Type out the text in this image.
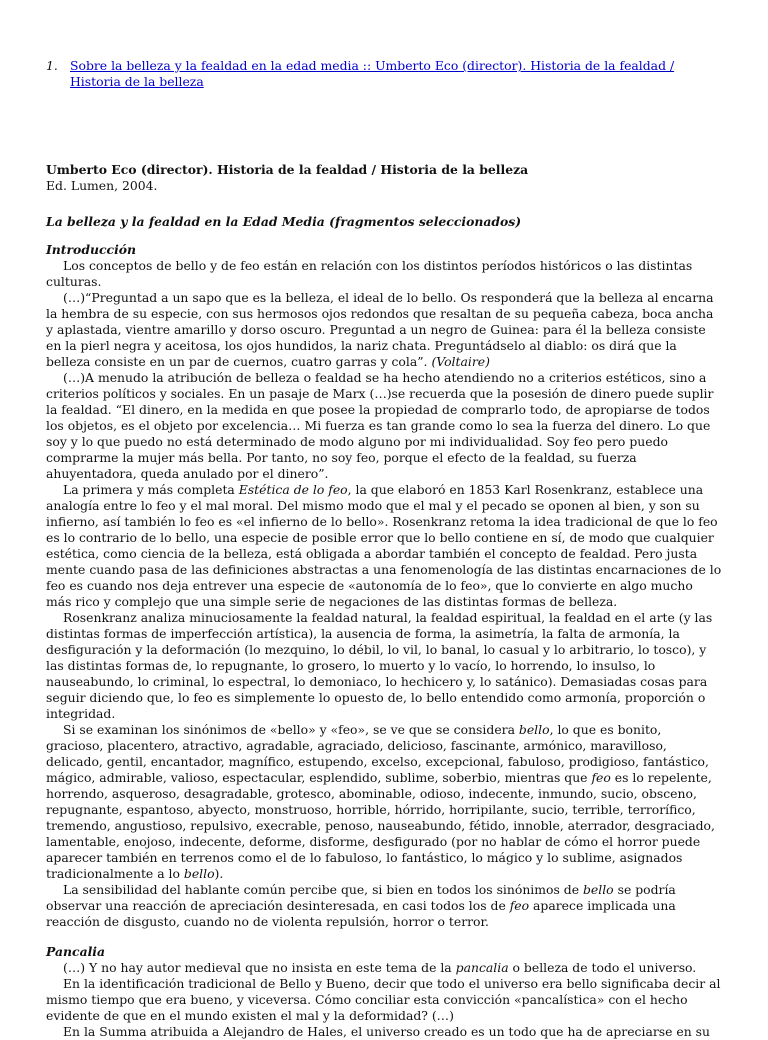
1. Sobre la belleza y la fealdad en la edad media :: Umberto Eco (director). Historia de la fealdad / Historia de la belleza
Umberto Eco (director). Historia de la fealdad / Historia de la belleza
Ed. Lumen, 2004.
La belleza y la fealdad en la Edad Media (fragmentos seleccionados)
Introducción

Los conceptos de bello y de feo están en relación con los distintos períodos históricos o las distintas culturas.

(…)“Preguntad a un sapo que es la belleza, el ideal de lo bello. Os responderá que la belleza al encarna la hembra de su especie, con sus hermosos ojos redondos que resaltan de su pequeña cabeza, boca ancha y aplastada, vientre amarillo y dorso oscuro. Preguntad a un negro de Guinea: para él la belleza consiste en la pierl negra y aceitosa, los ojos hundidos, la nariz chata. Preguntádselo al diablo: os dirá que la belleza consiste en un par de cuernos, cuatro garras y cola”. (Voltaire)

(…)A menudo la atribución de belleza o fealdad se ha hecho atendiendo no a criterios estéticos, sino a criterios políticos y sociales. En un pasaje de Marx (…)se recuerda que la posesión de dinero puede suplir la fealdad. “El dinero, en la medida en que posee la propiedad de comprarlo todo, de apropiarse de todos los objetos, es el objeto por excelencia… Mi fuerza es tan grande como lo sea la fuerza del dinero. Lo que soy y lo que puedo no está determinado de modo alguno por mi individualidad. Soy feo pero puedo comprarme la mujer más bella. Por tanto, no soy feo, porque el efecto de la fealdad, su fuerza ahuyentadora, queda anulado por el dinero”.

La primera y más completa Estética de lo feo, la que elaboró en 1853 Karl Rosenkranz, establece una analogía entre lo feo y el mal moral. Del mismo modo que el mal y el pecado se oponen al bien, y son su infierno, así también lo feo es «el infierno de lo bello». Rosenkranz retoma la idea tradicional de que lo feo es lo contrario de lo bello, una especie de posible error que lo bello contiene en sí, de modo que cualquier estética, como ciencia de la belleza, está obligada a abordar también el concepto de fealdad. Pero justa mente cuando pasa de las definiciones abstractas a una fenomenología de las distintas encarnaciones de lo feo es cuando nos deja entrever una especie de «autonomía de lo feo», que lo convierte en algo mucho más rico y complejo que una simple serie de negaciones de las distintas formas de belleza.

Rosenkranz analiza minuciosamente la fealdad natural, la fealdad espiritual, la fealdad en el arte (y las distintas formas de imperfección artística), la ausencia de forma, la asimetría, la falta de armonía, la desfiguración y la deformación (lo mezquino, lo débil, lo vil, lo banal, lo casual y lo arbitrario, lo tosco), y las distintas formas de, lo repugnante, lo grosero, lo muerto y lo vacío, lo horrendo, lo insulso, lo nauseabundo, lo criminal, lo espectral, lo demoniaco, lo hechicero y, lo satánico). Demasiadas cosas para seguir diciendo que, lo feo es simplemente lo opuesto de, lo bello entendido como armonía, proporción o integridad.

Si se examinan los sinónimos de «bello» y «feo», se ve que se considera bello, lo que es bonito, gracioso, placentero, atractivo, agradable, agraciado, delicioso, fascinante, armónico, maravilloso, delicado, gentil, encantador, magnífico, estupendo, excelso, excepcional, fabuloso, prodigioso, fantástico, mágico, admirable, valioso, espectacular, esplendido, sublime, soberbio, mientras que feo es lo repelente, horrendo, asqueroso, desagradable, grotesco, abominable, odioso, indecente, inmundo, sucio, obsceno, repugnante, espantoso, abyecto, monstruoso, horrible, hórrido, horripilante, sucio, terrible, terrorífico, tremendo, angustioso, repulsivo, execrable, penoso, nauseabundo, fétido, innoble, aterrador, desgraciado, lamentable, enojoso, indecente, deforme, disforme, desfigurado (por no hablar de cómo el horror puede aparecer también en terrenos como el de lo fabuloso, lo fantástico, lo mágico y lo sublime, asignados tradicionalmente a lo bello).

La sensibilidad del hablante común percibe que, si bien en todos los sinónimos de bello se podría observar una reacción de apreciación desinteresada, en casi todos los de feo aparece implicada una reacción de disgusto, cuando no de violenta repulsión, horror o terror.

Pancalia

(…) Y no hay autor medieval que no insista en este tema de la pancalia o belleza de todo el universo.

En la identificación tradicional de Bello y Bueno, decir que todo el universo era bello significaba decir al mismo tiempo que era bueno, y viceversa. Cómo conciliar esta convicción «pancalística» con el hecho evidente de que en el mundo existen el mal y la deformidad? (…)

En la Summa atribuida a Alejandro de Hales, el universo creado es un todo que ha de apreciarse en su
